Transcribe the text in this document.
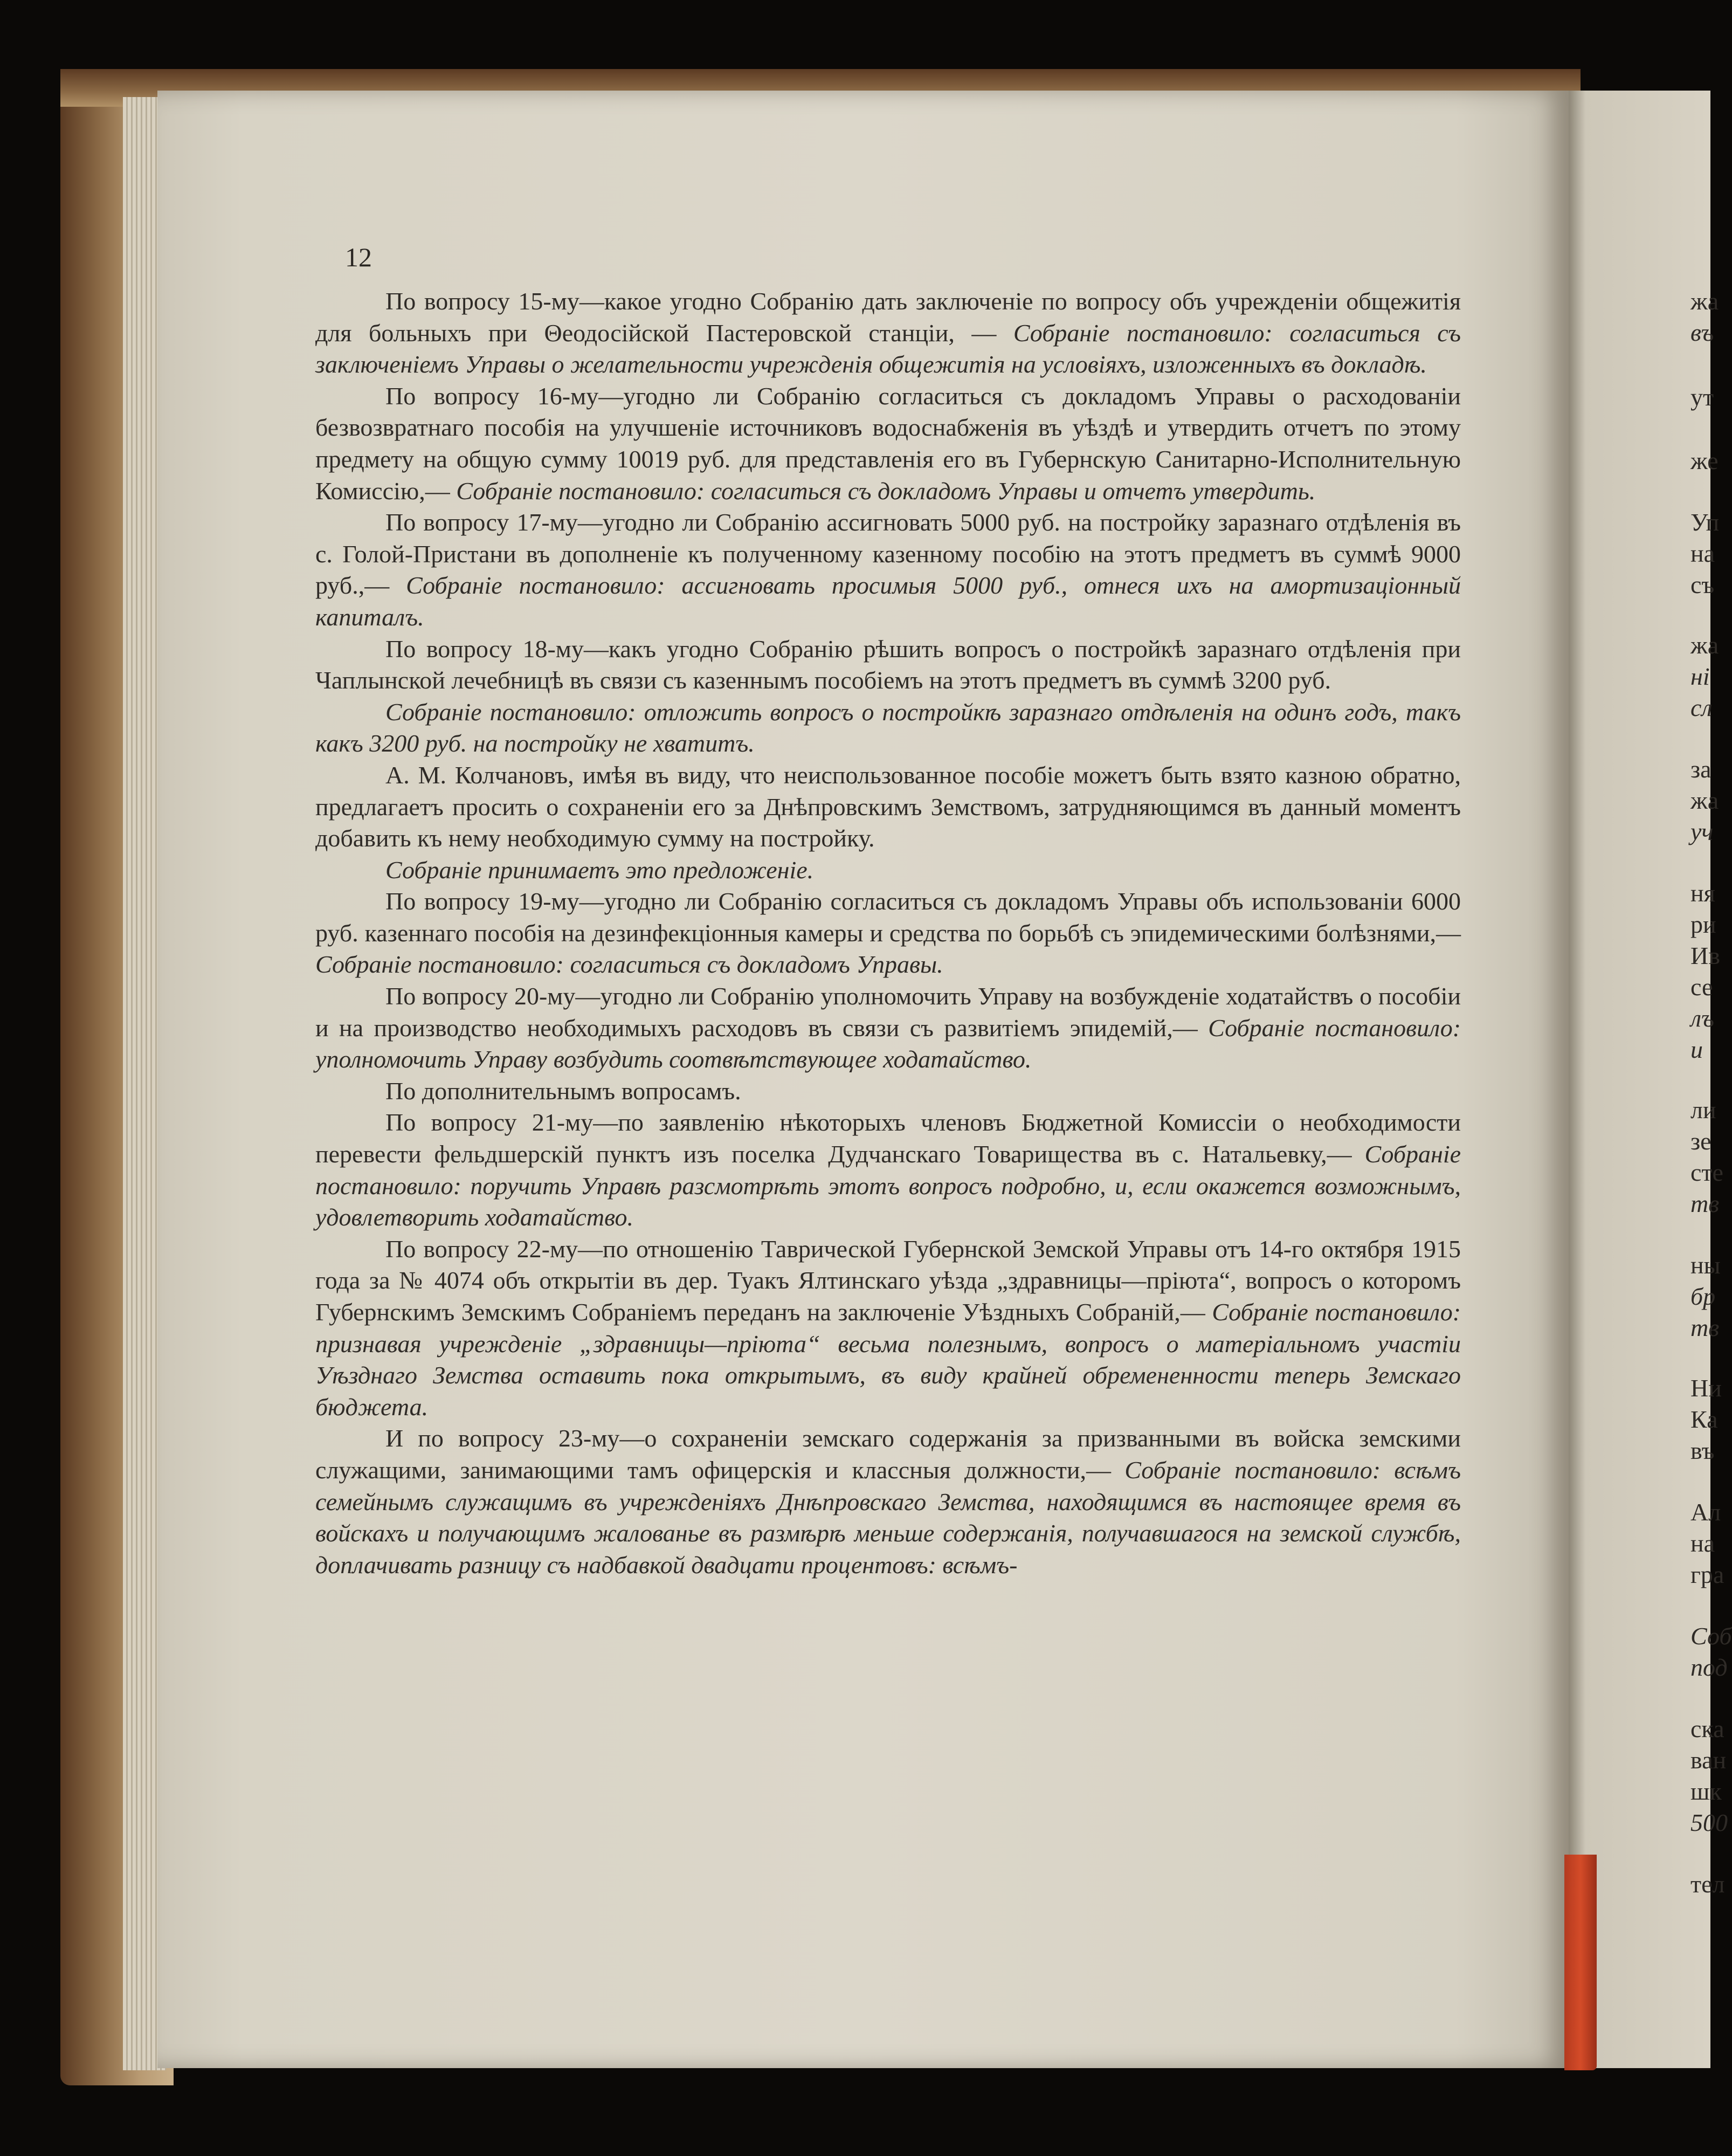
12

По вопросу 15-му—какое угодно Собранію дать заключеніе по вопросу объ учрежденіи общежитія для больныхъ при Θеодосійской Пастеровской станціи, — Собраніе постановило: согласиться съ заключеніемъ Управы о желательности учрежденія общежитія на условіяхъ, изложенныхъ въ докладѣ.

По вопросу 16-му—угодно ли Собранію согласиться съ докладомъ Управы о расходованіи безвозвратнаго пособія на улучшеніе источниковъ водоснабженія въ уѣздѣ и утвердить отчетъ по этому предмету на общую сумму 10019 руб. для представленія его въ Губернскую Санитарно-Исполнительную Комиссію,— Собраніе постановило: согласиться съ докладомъ Управы и отчетъ утвердить.

По вопросу 17-му—угодно ли Собранію ассигновать 5000 руб. на постройку заразнаго отдѣленія въ с. Голой-Пристани въ дополненіе къ полученному казенному пособію на этотъ предметъ въ суммѣ 9000 руб.,— Собраніе постановило: ассигновать просимыя 5000 руб., отнеся ихъ на амортизаціонный капиталъ.

По вопросу 18-му—какъ угодно Собранію рѣшить вопросъ о постройкѣ заразнаго отдѣленія при Чаплынской лечебницѣ въ связи съ казеннымъ пособіемъ на этотъ предметъ въ суммѣ 3200 руб.

Собраніе постановило: отложить вопросъ о постройкѣ заразнаго отдѣленія на одинъ годъ, такъ какъ 3200 руб. на постройку не хватитъ.

А. М. Колчановъ, имѣя въ виду, что неиспользованное пособіе можетъ быть взято казною обратно, предлагаетъ просить о сохраненіи его за Днѣпровскимъ Земствомъ, затрудняющимся въ данный моментъ добавить къ нему необходимую сумму на постройку.

Собраніе принимаетъ это предложеніе.

По вопросу 19-му—угодно ли Собранію согласиться съ докладомъ Управы объ использованіи 6000 руб. казеннаго пособія на дезинфекціонныя камеры и средства по борьбѣ съ эпидемическими болѣзнями,— Собраніе постановило: согласиться съ докладомъ Управы.

По вопросу 20-му—угодно ли Собранію уполномочить Управу на возбужденіе ходатайствъ о пособіи и на производство необходимыхъ расходовъ въ связи съ развитіемъ эпидемій,— Собраніе постановило: уполномочить Управу возбудить соотвѣтствующее ходатайство.

По дополнительнымъ вопросамъ.

По вопросу 21-му—по заявленію нѣкоторыхъ членовъ Бюджетной Комиссіи о необходимости перевести фельдшерскій пунктъ изъ поселка Дудчанскаго Товарищества въ с. Натальевку,— Собраніе постановило: поручить Управѣ разсмотрѣть этотъ вопросъ подробно, и, если окажется возможнымъ, удовлетворить ходатайство.

По вопросу 22-му—по отношенію Таврической Губернской Земской Управы отъ 14-го октября 1915 года за № 4074 объ открытіи въ дер. Туакъ Ялтинскаго уѣзда „здравницы—пріюта“, вопросъ о которомъ Губернскимъ Земскимъ Собраніемъ переданъ на заключеніе Уѣздныхъ Собраній,— Собраніе постановило: признавая учрежденіе „здравницы—пріюта“ весьма полезнымъ, вопросъ о матеріальномъ участіи Уѣзднаго Земства оставить пока открытымъ, въ виду крайней обремененности теперь Земскаго бюджета.

И по вопросу 23-му—о сохраненіи земскаго содержанія за призванными въ войска земскими служащими, занимающими тамъ офицерскія и классныя должности,— Собраніе постановило: всѣмъ семейнымъ служащимъ въ учрежденіяхъ Днѣпровскаго Земства, находящимся въ настоящее время въ войскахъ и получающимъ жалованье въ размѣрѣ меньше содержанія, получавшагося на земской службѣ, доплачивать разницу съ надбавкой двадцати процентовъ: всѣмъ-

жа
въ
ут
же
Уп
на
съ
жа
ні
сл
за
жа
уч
ня
ри
Ив
се
лъ
и
ли
зе
сте
тв
ны
бр
тв
Ни
Ка
въ
Ал
на
гра
Соб
под
ска
ван
шк
500
тел
